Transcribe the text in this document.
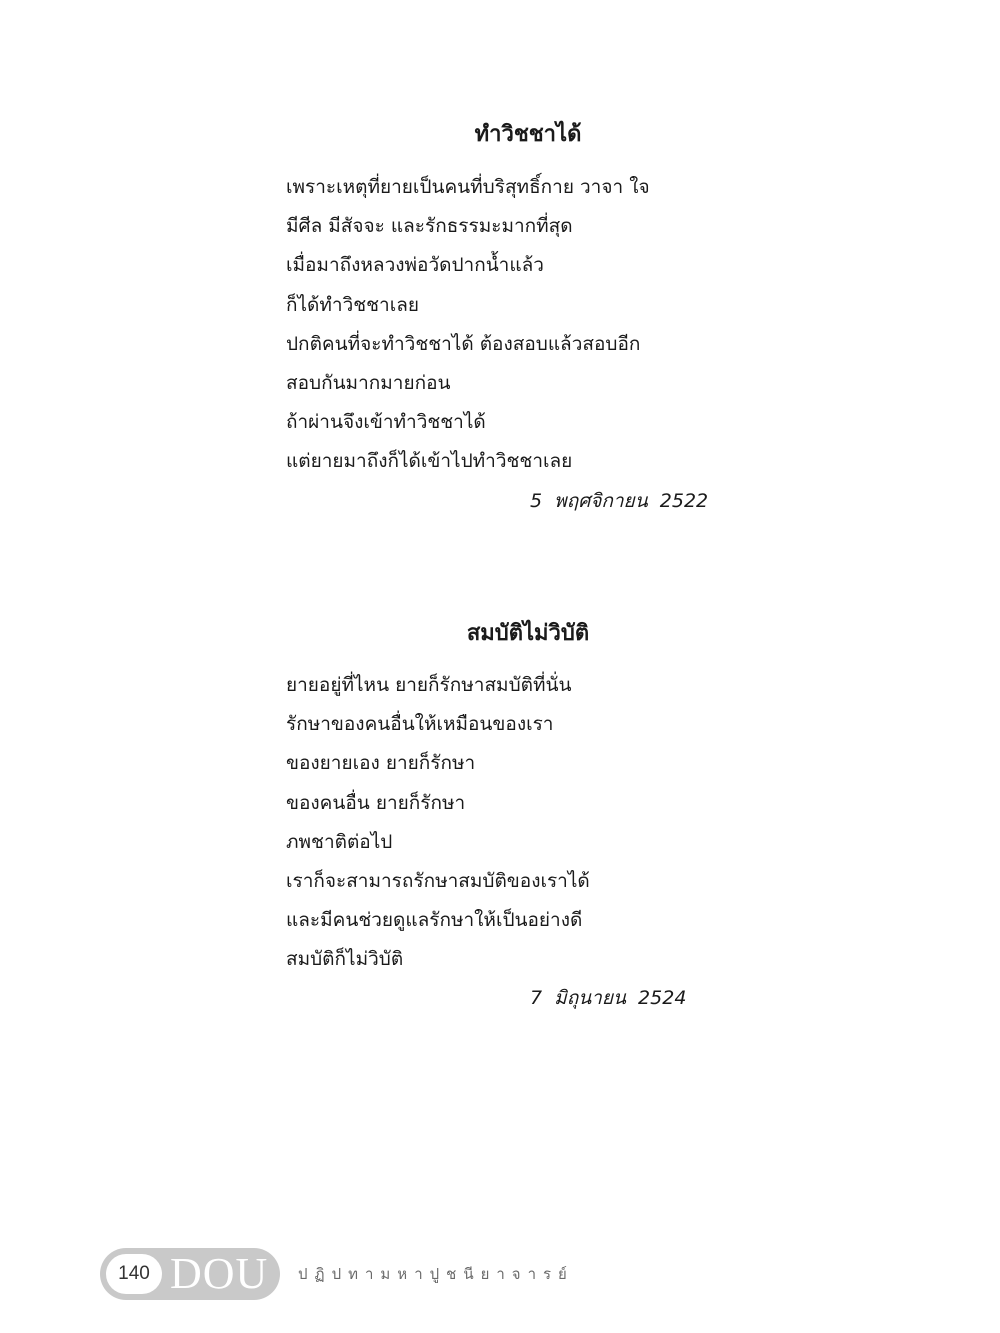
ทำวิชชาได้
เพราะเหตุที่ยายเป็นคนที่บริสุทธิ์กาย วาจา ใจ
มีศีล มีสัจจะ และรักธรรมะมากที่สุด
เมื่อมาถึงหลวงพ่อวัดปากน้ำแล้ว
ก็ได้ทำวิชชาเลย
ปกติคนที่จะทำวิชชาได้ ต้องสอบแล้วสอบอีก
สอบกันมากมายก่อน
ถ้าผ่านจึงเข้าทำวิชชาได้
แต่ยายมาถึงก็ได้เข้าไปทำวิชชาเลย
5  พฤศจิกายน  2522
สมบัติไม่วิบัติ
ยายอยู่ที่ไหน ยายก็รักษาสมบัติที่นั่น
รักษาของคนอื่นให้เหมือนของเรา
ของยายเอง ยายก็รักษา
ของคนอื่น ยายก็รักษา
ภพชาติต่อไป
เราก็จะสามารถรักษาสมบัติของเราได้
และมีคนช่วยดูแลรักษาให้เป็นอย่างดี
สมบัติก็ไม่วิบัติ
7  มิถุนายน  2524
140 DOU ปฏิปทามหาปูชนียาจารย์
